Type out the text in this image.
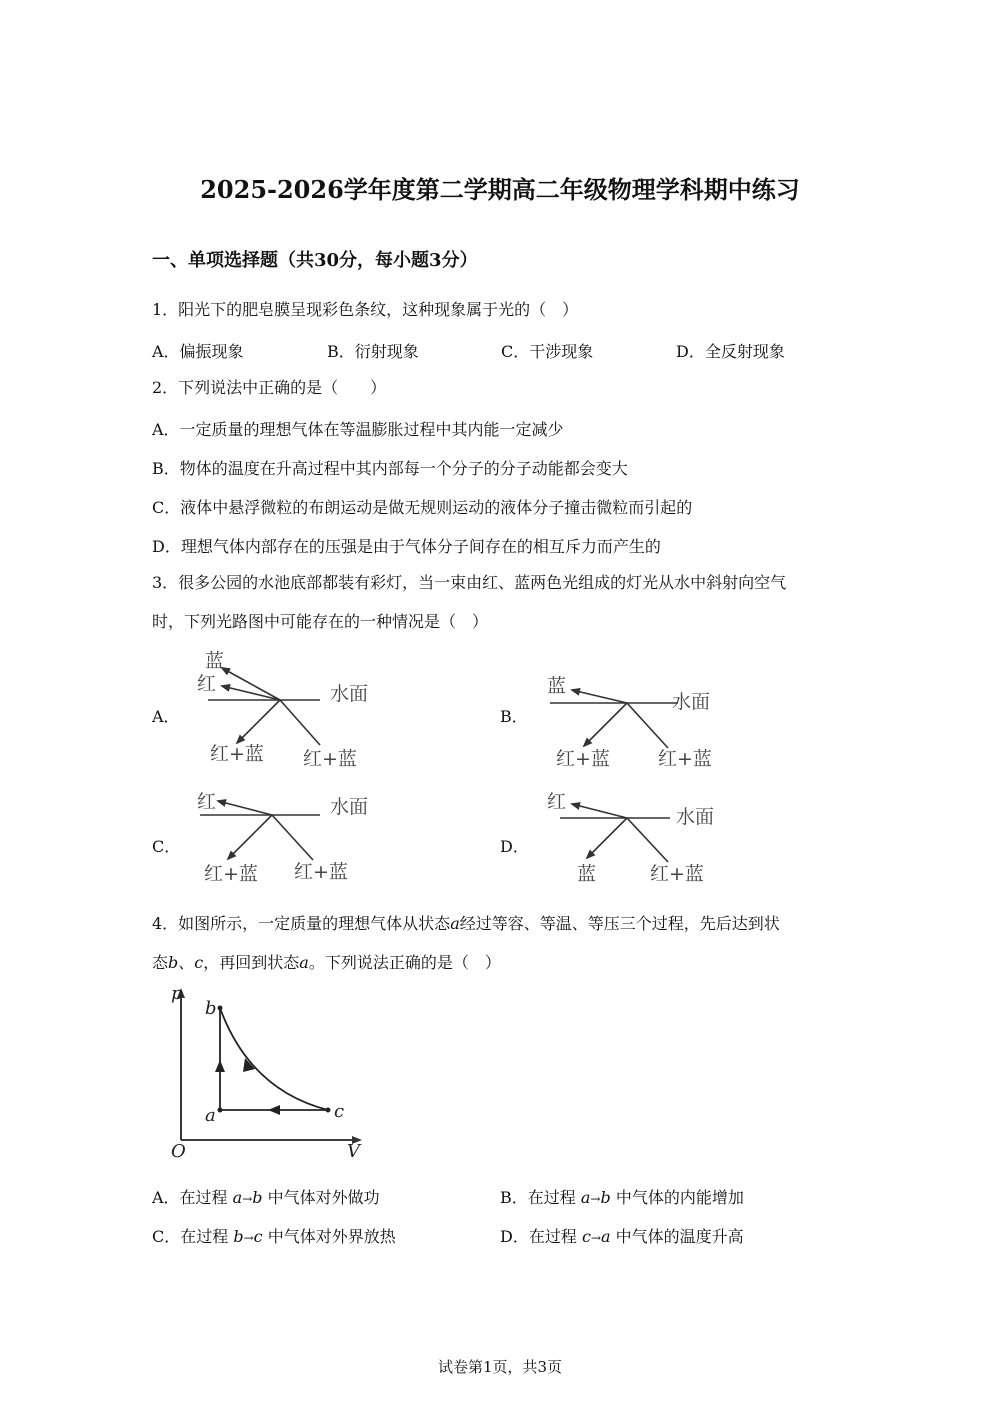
2025-2026学年度第二学期高二年级物理学科期中练习
一、单项选择题（共30分，每小题3分）
1．阳光下的肥皂膜呈现彩色条纹，这种现象属于光的（　）
A．偏振现象	B．衍射现象	C．干涉现象	D．全反射现象
2．下列说法中正确的是（　　）
A．一定质量的理想气体在等温膨胀过程中其内能一定减少
B．物体的温度在升高过程中其内部每一个分子的分子动能都会变大
C．液体中悬浮微粒的布朗运动是做无规则运动的液体分子撞击微粒而引起的
D．理想气体内部存在的压强是由于气体分子间存在的相互斥力而产生的
3．很多公园的水池底部都装有彩灯，当一束由红、蓝两色光组成的灯光从水中斜射向空气
时，下列光路图中可能存在的一种情况是（　）
A．	B．
C．	D．
蓝
红	水面
红+蓝 红+蓝
蓝
水面
红+蓝	红+蓝
红	水面
红+蓝 红+蓝
红
水面
蓝	红+蓝
p
V
O
b
a	c
4．如图所示，一定质量的理想气体从状态a经过等容、等温、等压三个过程，先后达到状
态b、c，再回到状态a。下列说法正确的是（　）
A．在过程 a→b 中气体对外做功	B．在过程 a→b 中气体的内能增加
C．在过程 b→c 中气体对外界放热	D．在过程 c→a 中气体的温度升高
试卷第1页，共3页
